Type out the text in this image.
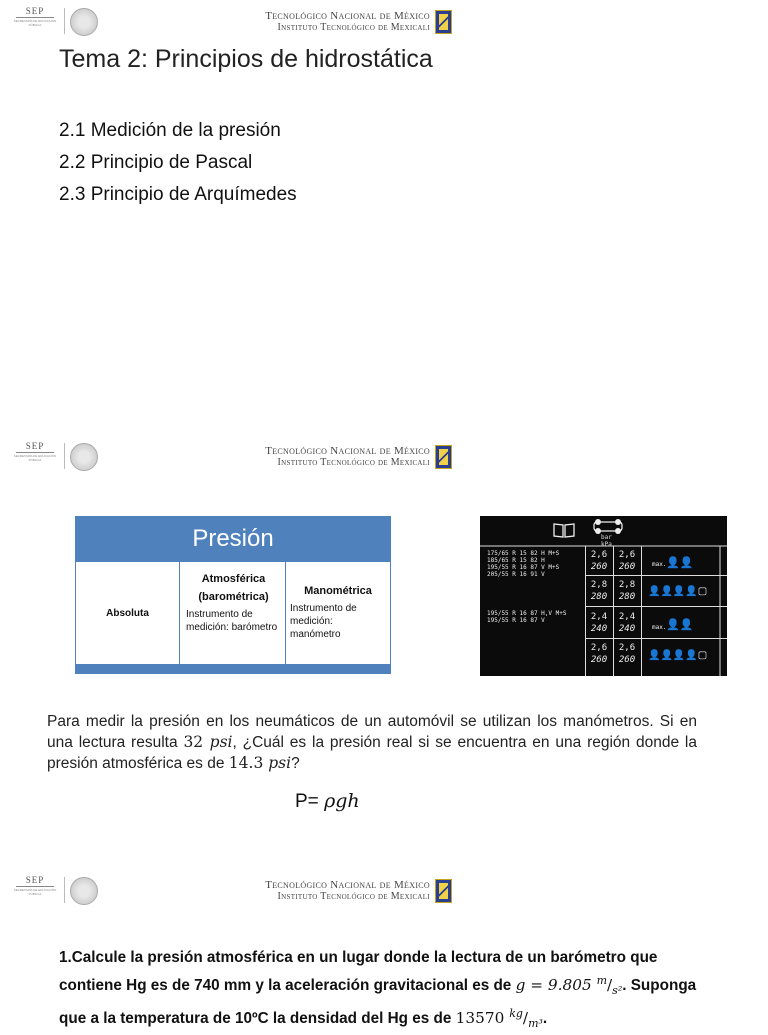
SEP
SECRETARÍA DE EDUCACIÓN PÚBLICA
Tecnológico Nacional de México
Instituto Tecnológico de Mexicali
Tema 2: Principios de hidrostática
2.1 Medición de la presión
2.2 Principio de Pascal
2.3 Principio de Arquímedes
SEP
SECRETARÍA DE EDUCACIÓN PÚBLICA
Tecnológico Nacional de México
Instituto Tecnológico de Mexicali
Presión
Absoluta
Atmosférica (barométrica)
Instrumento de medición: barómetro
Manométrica
Instrumento de medición: manómetro
bar
kPa
175/65 R 15 82 H M+S
185/65 R 15 82 H
195/55 R 16 87 V M+S
205/55 R 16 91 V
195/55 R 16 87 H,V M+S
195/55 R 16 87 V
2,6
260
2,6
260	max. 👤👤
2,8
280
2,8
280 👤👤👤👤▢
2,4
240
2,4
240	max. 👤👤
2,6
260
2,6
260 👤👤👤👤▢
Para medir la presión en los neumáticos de un automóvil se utilizan los manómetros. Si en una lectura resulta 32 psi, ¿Cuál es la presión real si se encuentra en una región donde la presión atmosférica es de 14.3 psi?
P= ρgh
SEP
SECRETARÍA DE EDUCACIÓN PÚBLICA
Tecnológico Nacional de México
Instituto Tecnológico de Mexicali
1.Calcule la presión atmosférica en un lugar donde la lectura de un barómetro que contiene Hg es de 740 mm y la aceleración gravitacional es de g = 9.805 $^m/_{s^2}$. Suponga que a la temperatura de 10ºC la densidad del Hg es de 13570 $^{kg}/_{m^3}$.
